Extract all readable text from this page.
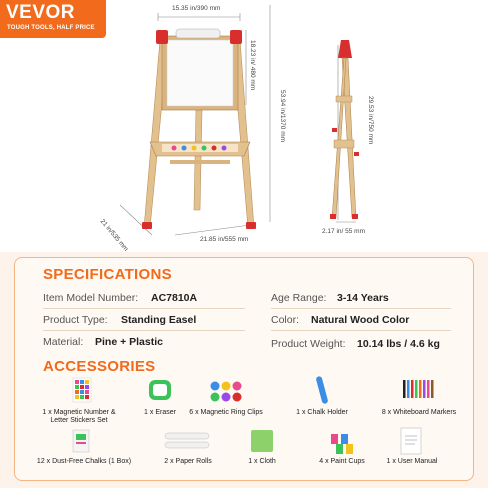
VEVOR
TOUGH TOOLS, HALF PRICE
15.35 in/390 mm
18.23 in/ 480 mm
53.94 in/1370 mm	29.53 in/750 mm
21 in/535 mm	21.85 in/555 mm
2.17 in/ 55 mm
SPECIFICATIONS
Item Model Number: AC7810A	Age Range: 3-14 Years
Product Type: Standing Easel	Color: Natural Wood Color
Material: Pine + Plastic	Product Weight: 10.14 lbs / 4.6 kg
ACCESSORIES
1 x Magnetic Number &
Letter Stickers Set
1 x Eraser	6 x Magnetic Ring Clips	1 x Chalk Holder	8 x Whiteboard Markers
12 x Dust-Free Chalks (1 Box)	2 x Paper Rolls	1 x Cloth	4 x Paint Cups	1 x User Manual
